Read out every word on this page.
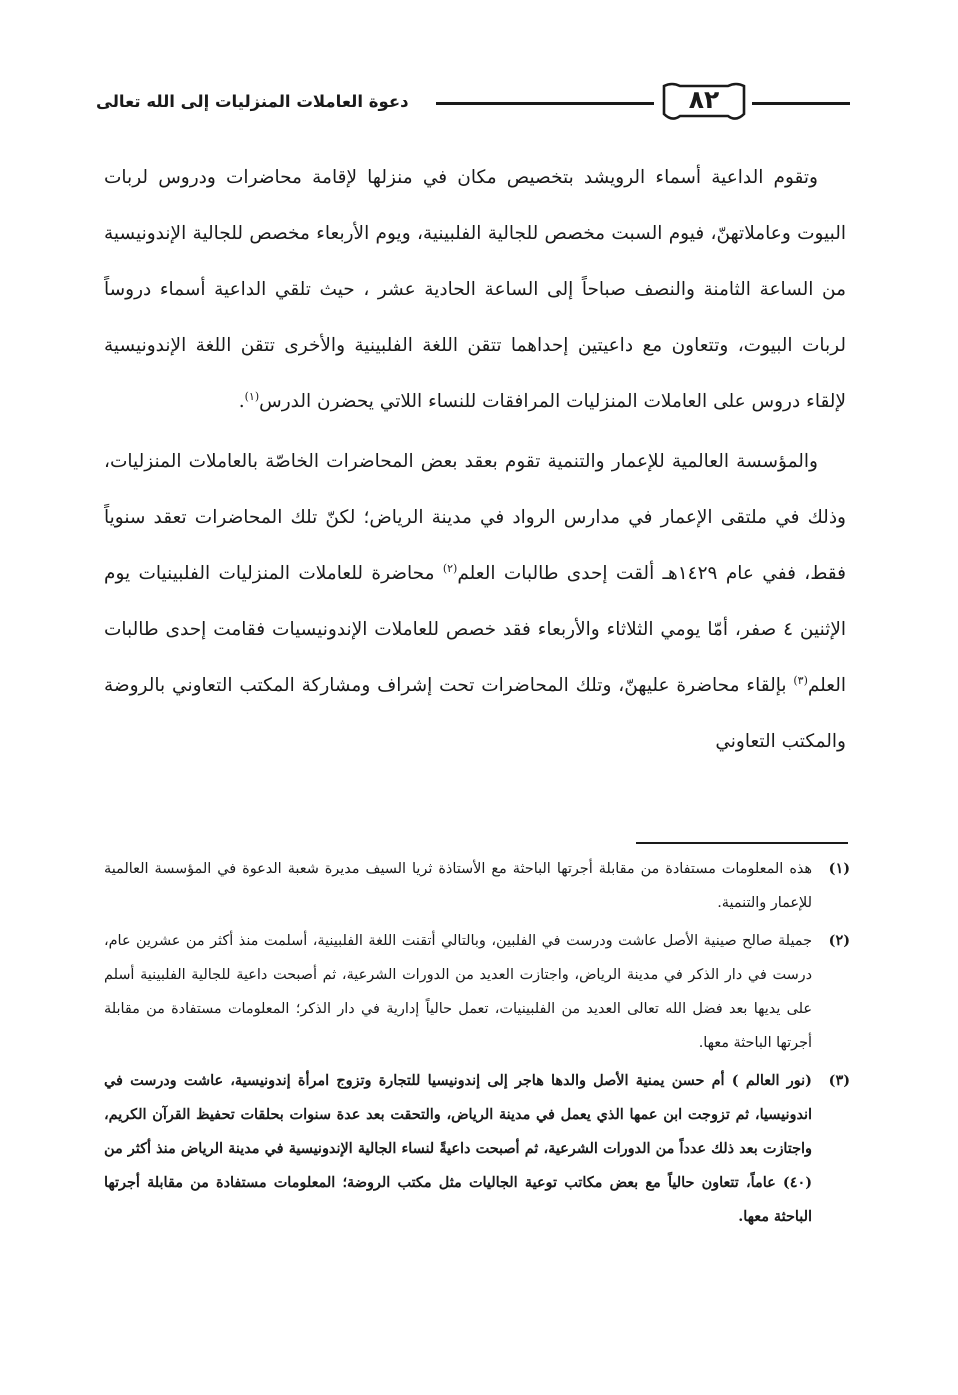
٨٢
دعوة العاملات المنزليات إلى الله تعالى

وتقوم الداعية أسماء الرويشد بتخصيص مكان في منزلها لإقامة محاضرات ودروس لربات البيوت وعاملاتهنّ، فيوم السبت مخصص للجالية الفلبينية، ويوم الأربعاء مخصص للجالية الإندونيسية من الساعة الثامنة والنصف صباحاً إلى الساعة الحادية عشر ، حيث تلقي الداعية أسماء دروساً لربات البيوت، وتتعاون مع داعيتين إحداهما تتقن اللغة الفلبينية والأخرى تتقن اللغة الإندونيسية لإلقاء دروس على العاملات المنزليات المرافقات للنساء اللاتي يحضرن الدرس$^{(١)}$.

والمؤسسة العالمية للإعمار والتنمية تقوم بعقد بعض المحاضرات الخاصّة بالعاملات المنزليات، وذلك في ملتقى الإعمار في مدارس الرواد في مدينة الرياض؛ لكنّ تلك المحاضرات تعقد سنوياً فقط، ففي عام ١٤٢٩هـ ألقت إحدى طالبات العلم$^{(٢)}$ محاضرة للعاملات المنزليات الفلبينيات يوم الإثنين ٤ صفر، أمّا يومي الثلاثاء والأربعاء فقد خصص للعاملات الإندونيسيات فقامت إحدى طالبات العلم$^{(٣)}$ بإلقاء محاضرة عليهنّ، وتلك المحاضرات تحت إشراف ومشاركة المكتب التعاوني بالروضة والمكتب التعاوني

(١)
هذه المعلومات مستفادة من مقابلة أجرتها الباحثة مع الأستاذة ثريا السيف مديرة شعبة الدعوة في المؤسسة العالمية للإعمار والتنمية.
(٢)
جميلة صالح صينية الأصل عاشت ودرست في الفلبين، وبالتالي أتقنت اللغة الفلبينية، أسلمت منذ أكثر من عشرين عام، درست في دار الذكر في مدينة الرياض، واجتازت العديد من الدورات الشرعية، ثم أصبحت داعية للجالية الفلبينية أسلم على يديها بعد فضل الله تعالى العديد من الفلبينيات، تعمل حالياً إدارية في دار الذكر؛ المعلومات مستفادة من مقابلة أجرتها الباحثة معها.
(٣)
(نور العالم ) أم حسن يمنية الأصل والدها هاجر إلى إندونيسيا للتجارة وتزوج امرأة إندونيسية، عاشت ودرست في اندونيسيا، ثم تزوجت ابن عمها الذي يعمل في مدينة الرياض، والتحقت بعد عدة سنوات بحلقات تحفيظ القرآن الكريم، واجتازت بعد ذلك عدداً من الدورات الشرعية، ثم أصبحت داعيةً لنساء الجالية الإندونيسية في مدينة الرياض منذ أكثر من (٤٠) عاماً، تتعاون حالياً مع بعض مكاتب توعية الجاليات مثل مكتب الروضة؛ المعلومات مستفادة من مقابلة أجرتها الباحثة معها.
